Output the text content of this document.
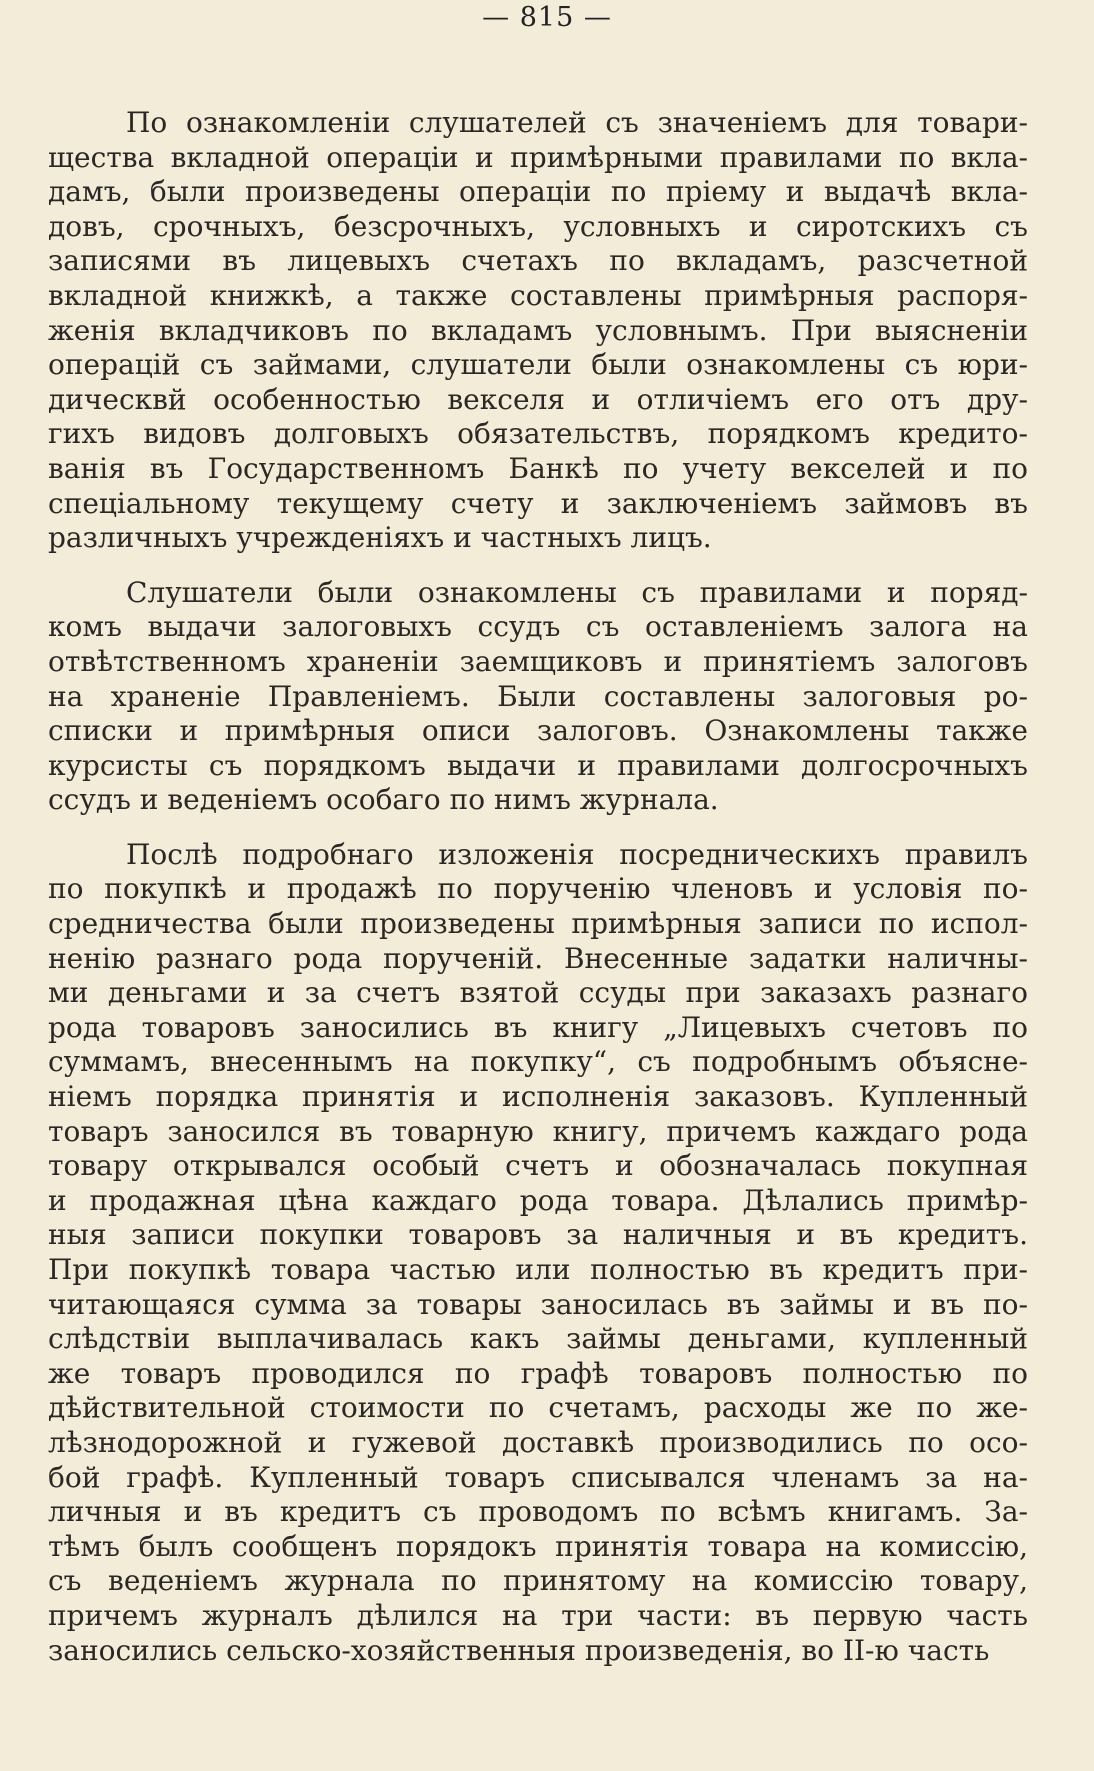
— 815 —
По ознакомленіи слушателей съ значеніемъ для товари-
щества вкладной операціи и примѣрными правилами по вкла-
дамъ, были произведены операціи по пріему и выдачѣ вкла-
довъ, срочныхъ, безсрочныхъ, условныхъ и сиротскихъ съ
записями въ лицевыхъ счетахъ по вкладамъ, разсчетной
вкладной книжкѣ, а также составлены примѣрныя распоря-
женія вкладчиковъ по вкладамъ условнымъ. При выясненіи
операцій съ займами, слушатели были ознакомлены съ юри-
дическвй особенностью векселя и отличіемъ его отъ дру-
гихъ видовъ долговыхъ обязательствъ, порядкомъ кредито-
ванія въ Государственномъ Банкѣ по учету векселей и по
спеціальному текущему счету и заключеніемъ займовъ въ
различныхъ учрежденіяхъ и частныхъ лицъ.
Слушатели были ознакомлены съ правилами и поряд-
комъ выдачи залоговыхъ ссудъ съ оставленіемъ залога на
отвѣтственномъ храненіи заемщиковъ и принятіемъ залоговъ
на храненіе Правленіемъ. Были составлены залоговыя ро-
списки и примѣрныя описи залоговъ. Ознакомлены также
курсисты съ порядкомъ выдачи и правилами долгосрочныхъ
ссудъ и веденіемъ особаго по нимъ журнала.
Послѣ подробнаго изложенія посредническихъ правилъ
по покупкѣ и продажѣ по порученію членовъ и условія по-
средничества были произведены примѣрныя записи по испол-
ненію разнаго рода порученій. Внесенные задатки наличны-
ми деньгами и за счетъ взятой ссуды при заказахъ разнаго
рода товаровъ заносились въ книгу „Лицевыхъ счетовъ по
суммамъ, внесеннымъ на покупку“, съ подробнымъ объясне-
ніемъ порядка принятія и исполненія заказовъ. Купленный
товаръ заносился въ товарную книгу, причемъ каждаго рода
товару открывался особый счетъ и обозначалась покупная
и продажная цѣна каждаго рода товара. Дѣлались примѣр-
ныя записи покупки товаровъ за наличныя и въ кредитъ.
При покупкѣ товара частью или полностью въ кредитъ при-
читающаяся сумма за товары заносилась въ займы и въ по-
слѣдствіи выплачивалась какъ займы деньгами, купленный
же товаръ проводился по графѣ товаровъ полностью по
дѣйствительной стоимости по счетамъ, расходы же по же-
лѣзнодорожной и гужевой доставкѣ производились по осо-
бой графѣ. Купленный товаръ списывался членамъ за на-
личныя и въ кредитъ съ проводомъ по всѣмъ книгамъ. За-
тѣмъ былъ сообщенъ порядокъ принятія товара на комиссію,
съ веденіемъ журнала по принятому на комиссію товару,
причемъ журналъ дѣлился на три части: въ первую часть
заносились сельско-хозяйственныя произведенія, во II-ю часть
